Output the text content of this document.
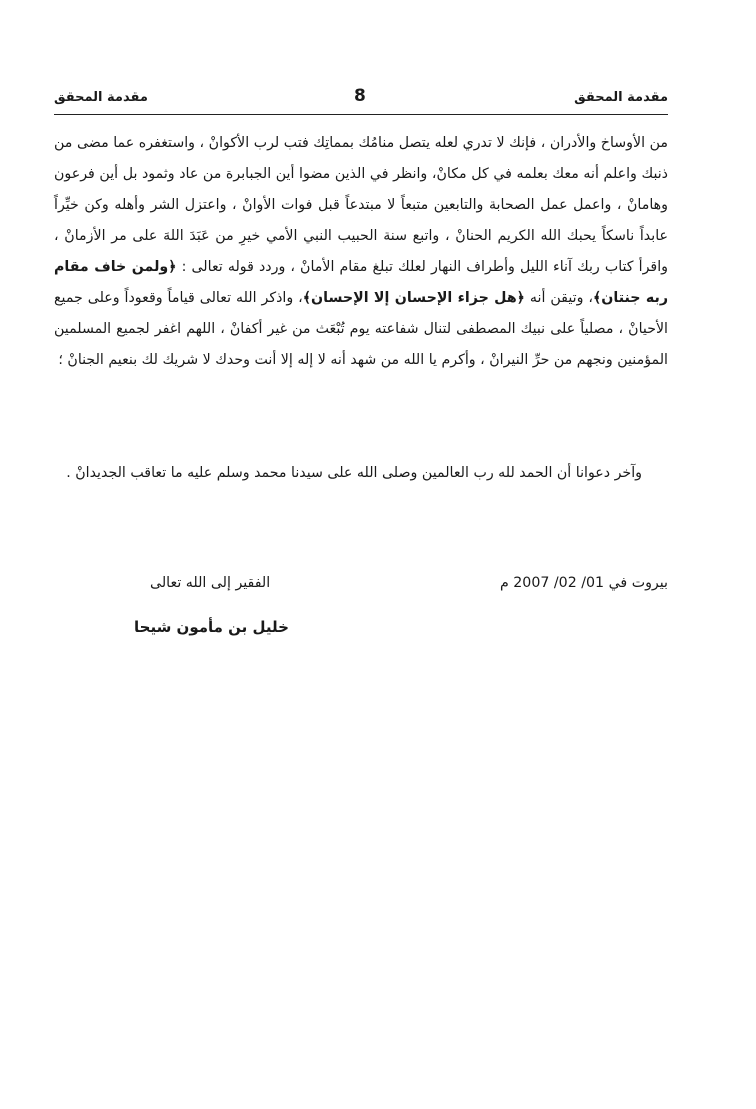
مقدمة المحقق
8
مقدمة المحقق

من الأوساخ والأدران ، فإنك لا تدري لعله يتصل منامُك بمماتِك فتب لرب الأكوانْ ، واستغفره عما مضى من ذنبك واعلم أنه معك بعلمه في كل مكانْ، وانظر في الذين مضوا أين الجبابرة من عاد وثمود بل أين فرعون وهامانْ ، واعمل عمل الصحابة والتابعين متبعاً لا مبتدعاً قبل فوات الأوانْ ، واعتزل الشر وأهله وكن خيِّراً عابداً ناسكاً يحبك الله الكريم الحنانْ ، واتبع سنة الحبيب النبي الأمي خيرِ من عَبَدَ اللهَ على مر الأزمانْ ، واقرأ كتاب ربك آناء الليل وأطراف النهار لعلك تبلغ مقام الأمانْ ، وردد قوله تعالى : ﴿ولمن خاف مقام ربه جنتان﴾، وتيقن أنه ﴿هل جزاء الإحسان إلا الإحسان﴾، واذكر الله تعالى قياماً وقعوداً وعلى جميع الأحيانْ ، مصلياً على نبيك المصطفى لتنال شفاعته يوم تُبْعَث من غير أكفانْ ، اللهم اغفر لجميع المسلمين المؤمنين ونجهم من حرِّ النيرانْ ، وأكرم يا الله من شهد أنه لا إله إلا أنت وحدك لا شريك لك بنعيم الجنانْ ؛

وآخر دعوانا أن الحمد لله رب العالمين وصلى الله على سيدنا محمد وسلم عليه ما تعاقب الجديدانْ .

بيروت في 01/ 02/ 2007 م
الفقير إلى الله تعالى
خليل بن مأمون شيحا
